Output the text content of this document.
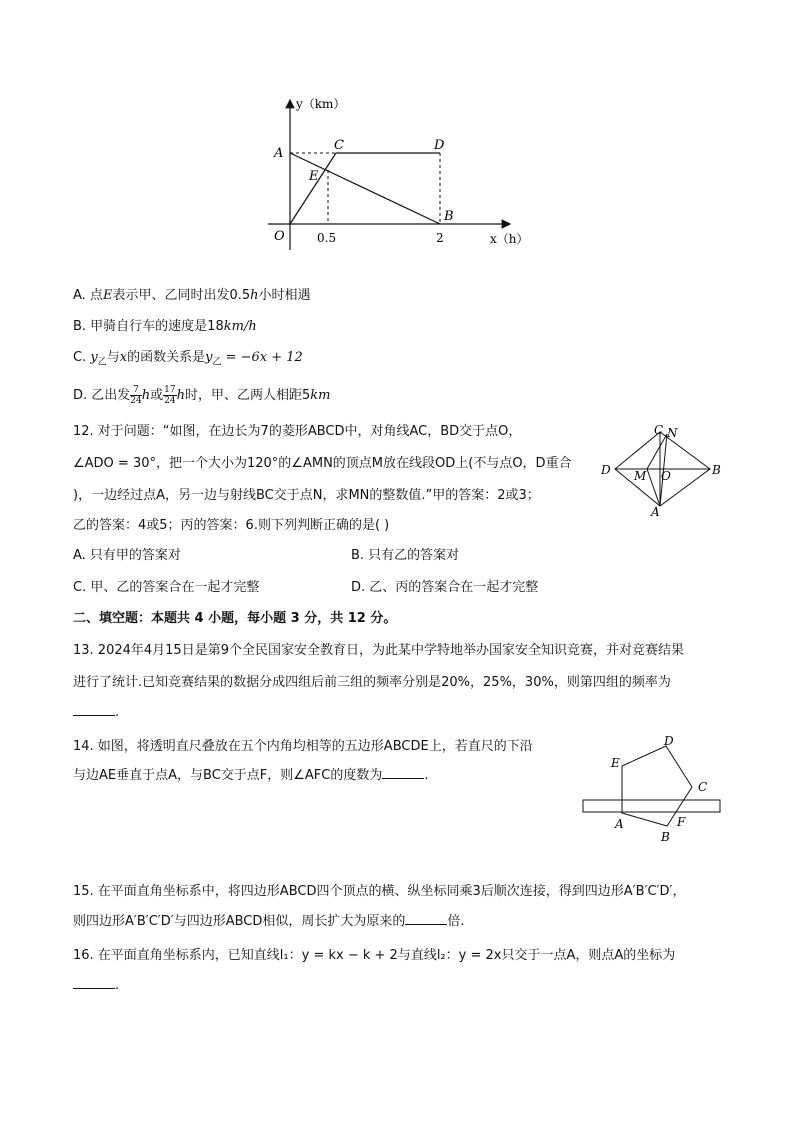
y（km）
x（h）
O	0.5	2
A
B
C	D
E
A. 点E表示甲、乙同时出发0.5h小时相遇
B. 甲骑自行车的速度是18km/h
C. $y_乙$与x的函数关系是$y_乙 = -6x + 12$
D. 乙出发 $\frac{7}{24}$ h或 $\frac{17}{24}$ h时，甲、乙两人相距5km
12. 对于问题：“如图，在边长为7的菱形ABCD中，对角线AC，BD交于点O，
∠ADO = 30°，把一个大小为120°的∠AMN的顶点M放在线段OD上(不与点O，D重合
)，一边经过点A，另一边与射线BC交于点N，求MN的整数值.”甲的答案：2或3；
乙的答案：4或5；丙的答案：6.则下列判断正确的是( )
C N
D	B
M O
A
A. 只有甲的答案对	B. 只有乙的答案对
C. 甲、乙的答案合在一起才完整	D. 乙、丙的答案合在一起才完整
二、填空题：本题共 4 小题，每小题 3 分，共 12 分。
13. 2024年4月15日是第9个全民国家安全教育日，为此某中学特地举办国家安全知识竞赛，并对竞赛结果
进行了统计.已知竞赛结果的数据分成四组后前三组的频率分别是20%，25%，30%，则第四组的频率为
.
14. 如图，将透明直尺叠放在五个内角均相等的五边形ABCDE上，若直尺的下沿
与边AE垂直于点A，与BC交于点F，则∠AFC的度数为	.
A
B
C
D
E
F
15. 在平面直角坐标系中，将四边形ABCD四个顶点的横、纵坐标同乘3后顺次连接，得到四边形A′B′C′D′，
则四边形A′B′C′D′与四边形ABCD相似，周长扩大为原来的	倍.
16. 在平面直角坐标系内，已知直线l₁：y = kx − k + 2与直线l₂：y = 2x只交于一点A，则点A的坐标为
.
